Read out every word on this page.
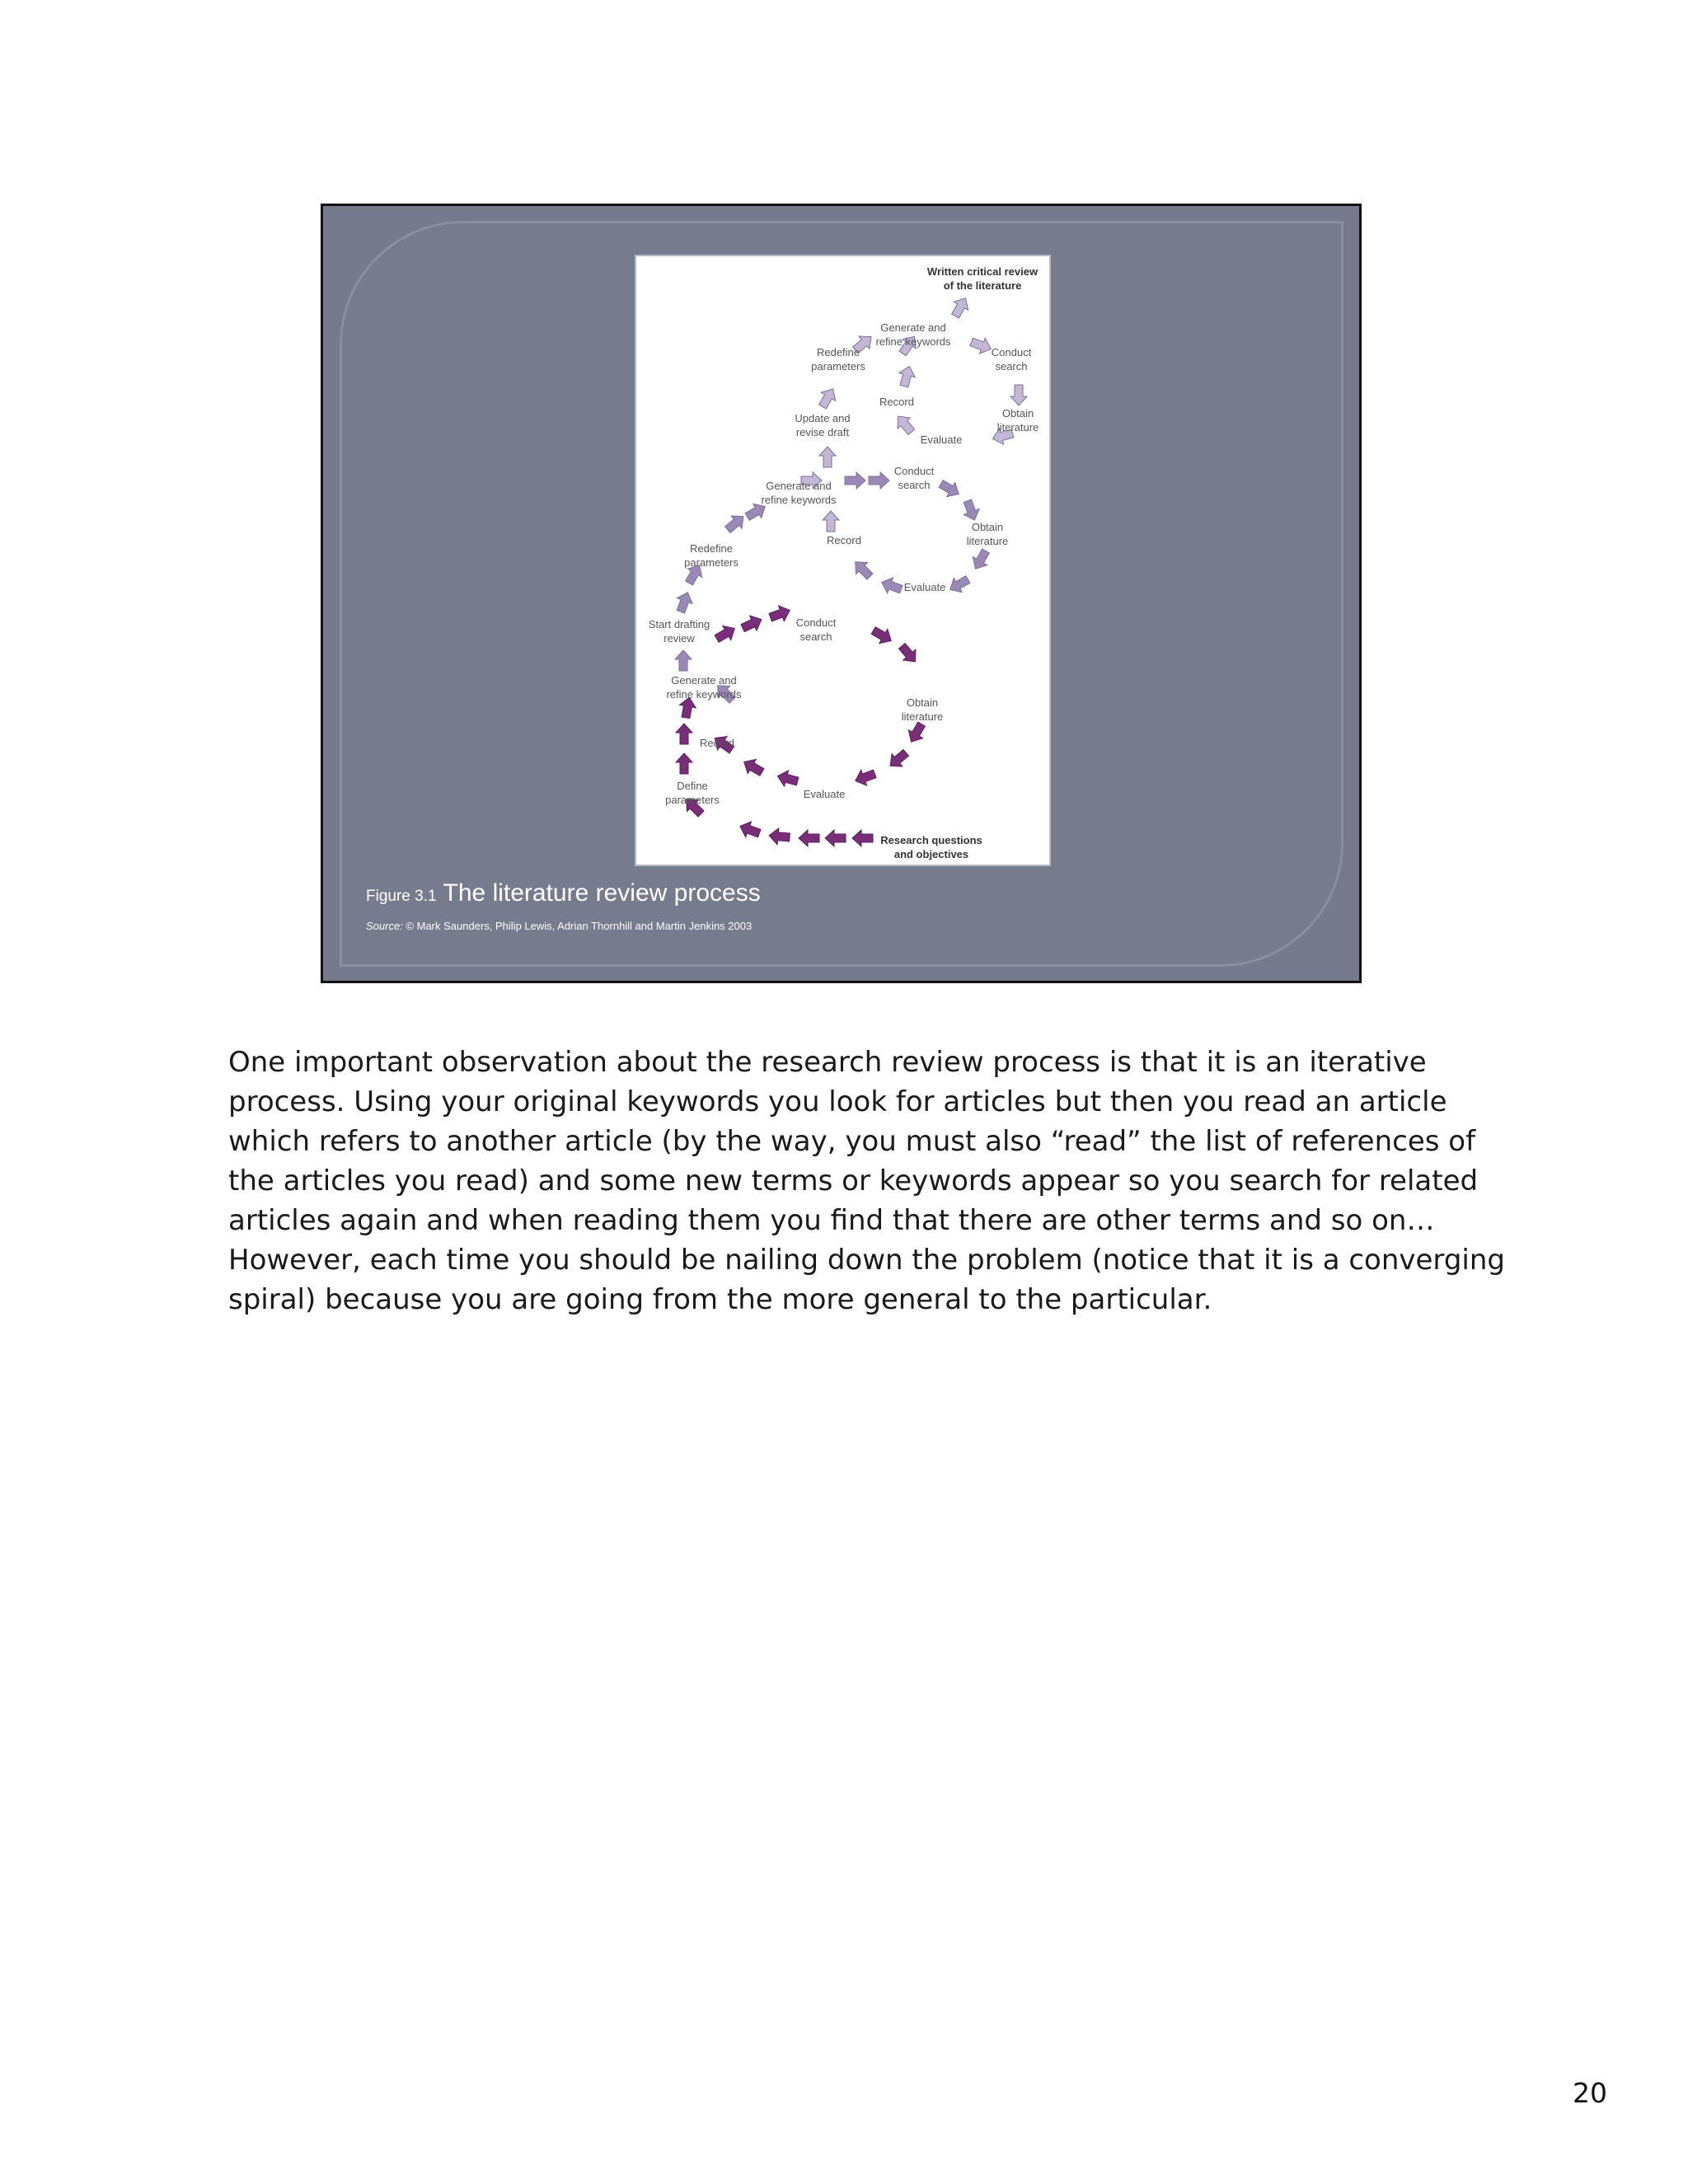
Written critical review
of the literature
Generate and
refine keywords
Redefine
parameters
Conduct
search
Record
Obtain
literature
Update and
revise draft
Evaluate
Conduct
search
Generate and
refine keywords
Record
Obtain
literature
Redefine
parameters
Evaluate
Start drafting
review
Conduct
search
Generate and
refine keywords
Obtain
literature
Record
Define
parameters	Evaluate
Research questions
and objectives
Figure 3.1 The literature review process
Source: © Mark Saunders, Philip Lewis, Adrian Thornhill and Martin Jenkins 2003

One important observation about the research review process is that it is an iterative

process. Using your original keywords you look for articles but then you read an article

which refers to another article (by the way, you must also “read” the list of references of

the articles you read) and some new terms or keywords appear so you search for related

articles again and when reading them you find that there are other terms and so on…

However, each time you should be nailing down the problem (notice that it is a converging

spiral) because you are going from the more general to the particular.

20
